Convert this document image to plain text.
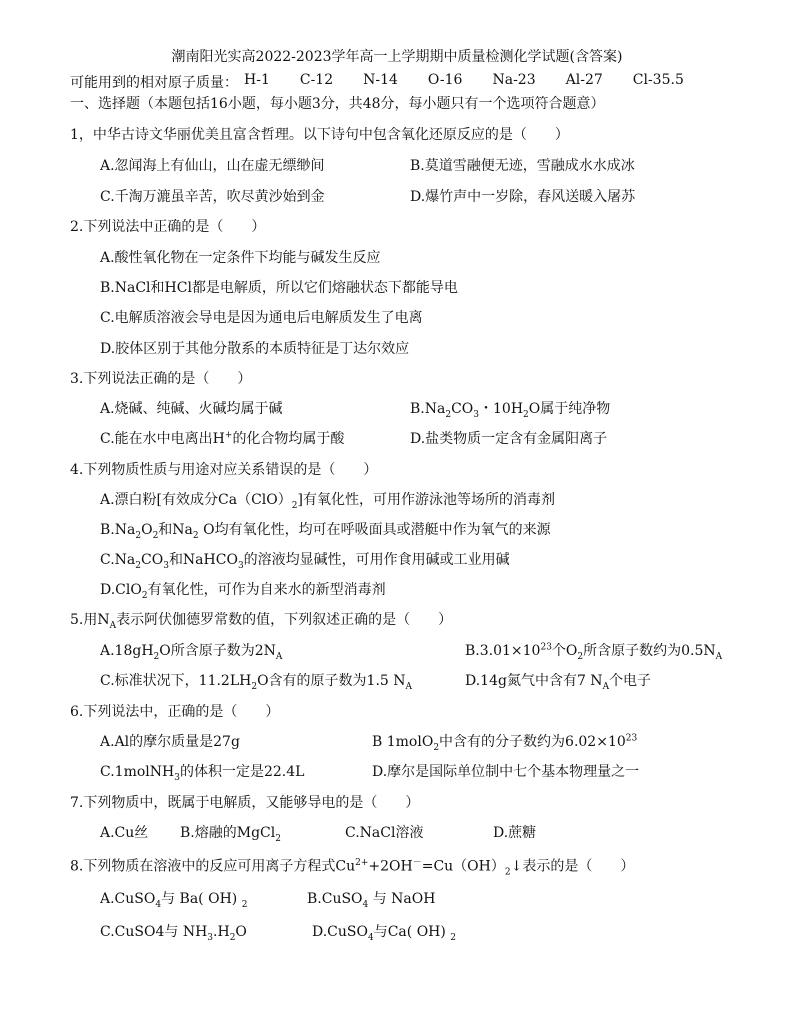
潮南阳光实高2022-2023学年高一上学期期中质量检测化学试题(含答案)
可能用到的相对原子质量： H-1 C-12 N-14 O-16 Na-23 Al-27 Cl-35.5
一、选择题（本题包括16小题，每小题3分，共48分，每小题只有一个选项符合题意）
1，中华古诗文华丽优美且富含哲理。以下诗句中包含氧化还原反应的是（　　）
A.忽闻海上有仙山，山在虚无缥缈间	B.莫道雪融便无迹，雪融成水水成冰
C.千淘万漉虽辛苦，吹尽黄沙始到金	D.爆竹声中一岁除，春风送暖入屠苏
2.下列说法中正确的是（　　）
A.酸性氧化物在一定条件下均能与碱发生反应
B.NaCl和HCl都是电解质，所以它们熔融状态下都能导电
C.电解质溶液会导电是因为通电后电解质发生了电离
D.胶体区别于其他分散系的本质特征是丁达尔效应
3.下列说法正确的是（　　）
A.烧碱、纯碱、火碱均属于碱	$B.Na_2CO_3$・$10H_2O$属于纯净物
C.能在水中电离出H+的化合物均属于酸	D.盐类物质一定含有金属阳离子
4.下列物质性质与用途对应关系错误的是（　　）
A.漂白粉[有效成分$Ca(ClO)_2$]有氧化性，可用作游泳池等场所的消毒剂
$B.Na_2O_2$和$Na_2$ O均有氧化性，均可在呼吸面具或潜艇中作为氧气的来源
$C.Na_2CO_3$和NaHCO$_3$的溶液均显碱性，可用作食用碱或工业用碱
D.ClO$_2$有氧化性，可作为自来水的新型消毒剂
5.用$N_A$表示阿伏伽德罗常数的值，下列叙述正确的是（　　）
$A.18gH_2O$所含原子数为$2N_A$	$B.3.01\times 10^{23}$个$O_2$所含原子数约为$0.5N_A$
C.标准状况下，$11.2LH_2O$含有的原子数为1.5 $N_A$	D.14g氮气中含有7 $N_A$个电子
6.下列说法中，正确的是（　　）
A.Al的摩尔质量是27g	B 1molO$_2$中含有的分子数约为$6.02\times 10^{23}$
C.1molNH$_3$的体积一定是22.4L	D.摩尔是国际单位制中七个基本物理量之一
7.下列物质中，既属于电解质，又能够导电的是（　　）
A.Cu丝 B.熔融的MgCl$_2$	C.NaCl溶液	D.蔗糖
8.下列物质在溶液中的反应可用离子方程式$Cu^{2+}+2OH^-=Cu(OH)_2↓$表示的是（　　）
A.CuSO$_4$与 Ba( OH) $_2$	B.CuSO$_4$ 与 NaOH
C.CuSO4与 $NH_3.H_2O$	D.CuSO$_4$与Ca( OH) $_2$
